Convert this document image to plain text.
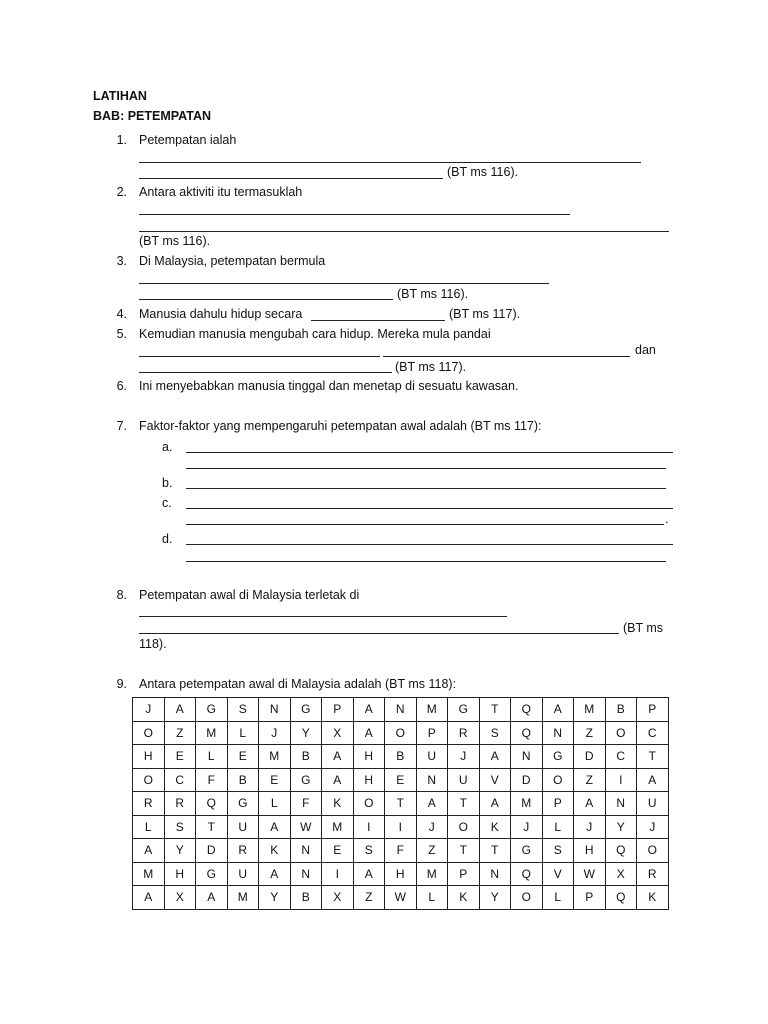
LATIHAN
BAB: PETEMPATAN
1. Petempatan ialah
(BT ms 116).
2. Antara aktiviti itu termasuklah
(BT ms 116).
3. Di Malaysia, petempatan bermula
(BT ms 116).
4. Manusia dahulu hidup secara	(BT ms 117).
5. Kemudian manusia mengubah cara hidup. Mereka mula pandai
dan
(BT ms 117).
6. Ini menyebabkan manusia tinggal dan menetap di sesuatu kawasan.
7. Faktor-faktor yang mempengaruhi petempatan awal adalah (BT ms 117):
a.
b.
c.
.
d.
8. Petempatan awal di Malaysia terletak di
(BT ms
118).
9. Antara petempatan awal di Malaysia adalah (BT ms 118):
J	A	G	S	N	G	P	A	N	M	G	T	Q	A	M	B	P
O	Z	M	L	J	Y	X	A	O	P	R	S	Q	N	Z	O	C
H	E	L	E	M	B	A	H	B	U	J	A	N	G	D	C	T
O	C	F	B	E	G	A	H	E	N	U	V	D	O	Z	I	A
R	R	Q	G	L	F	K	O	T	A	T	A	M	P	A	N	U
L	S	T	U	A	W	M	I	I	J	O	K	J	L	J	Y	J
A	Y	D	R	K	N	E	S	F	Z	T	T	G	S	H	Q	O
M	H	G	U	A	N	I	A	H	M	P	N	Q	V	W	X	R
A	X	A	M	Y	B	X	Z	W	L	K	Y	O	L	P	Q	K
